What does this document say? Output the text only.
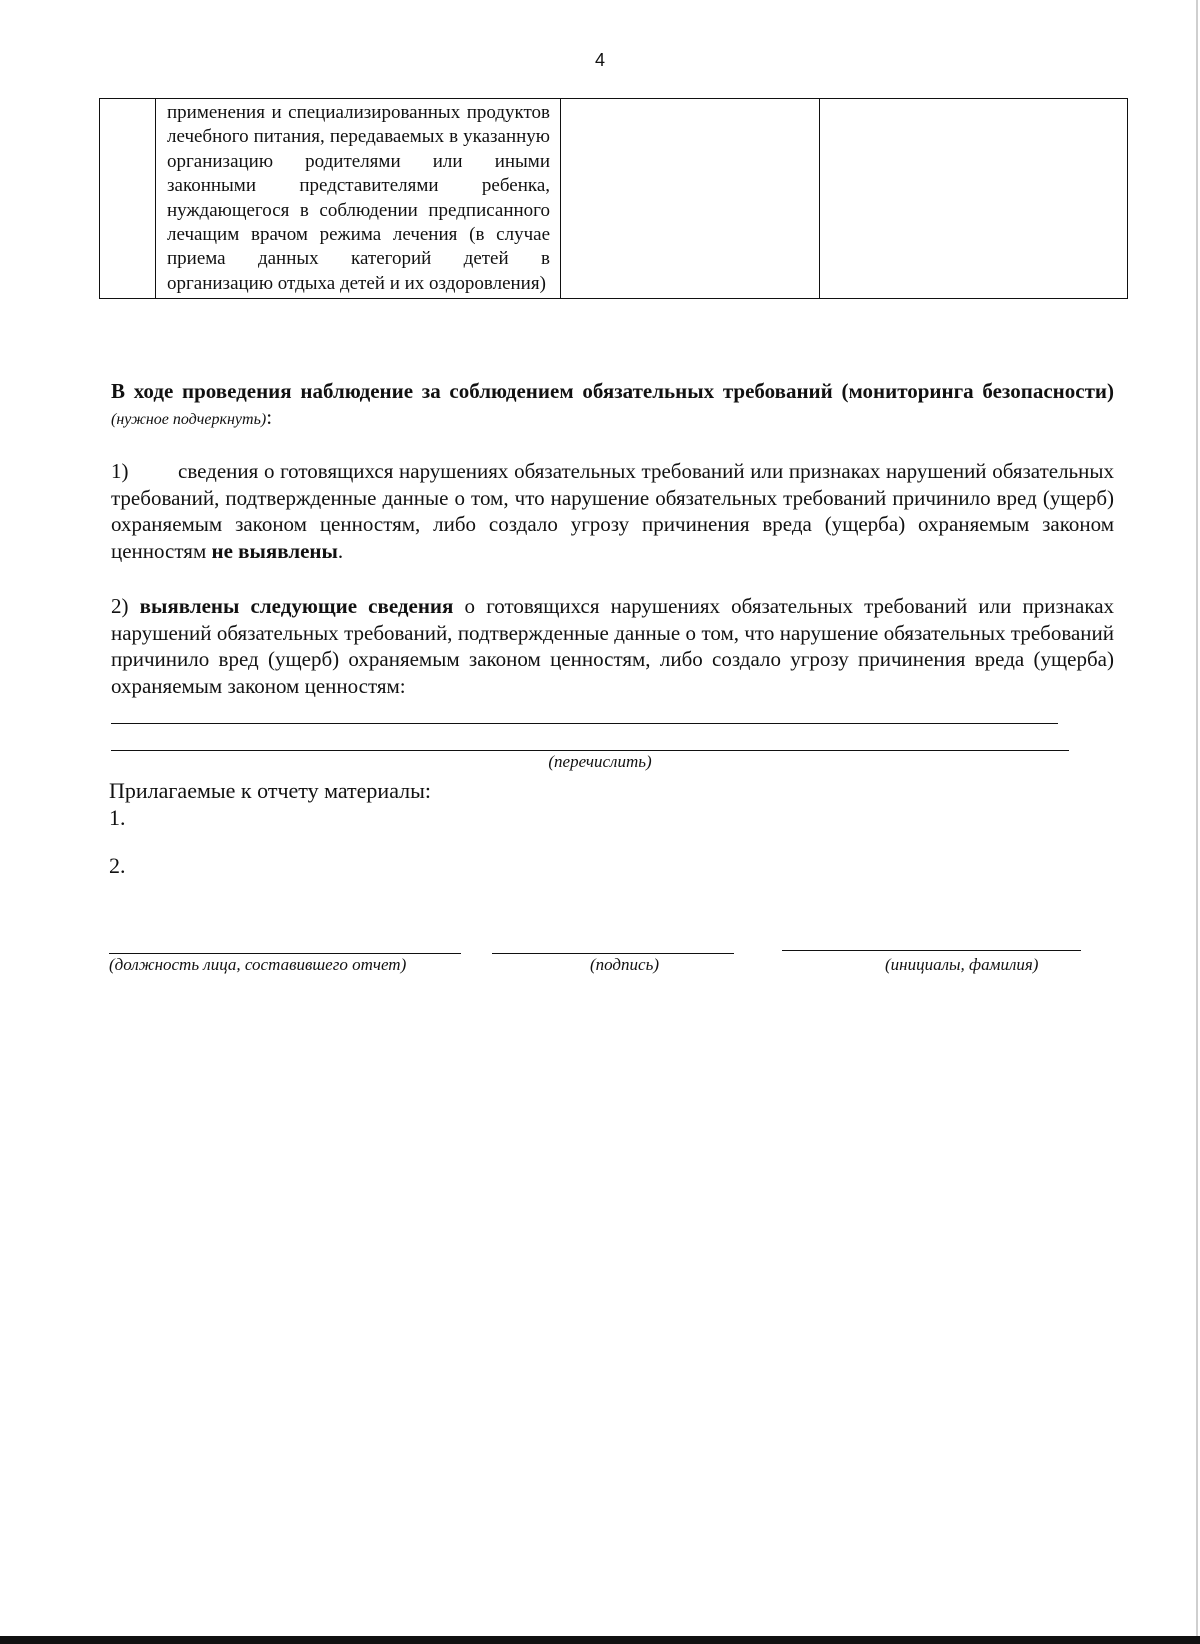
4

применения и специализированных продуктов лечебного питания, передаваемых в указанную организацию родителями или иными законными представителями ребенка, нуждающегося в соблюдении предписанного лечащим врачом режима лечения (в случае приема данных категорий детей в организацию отдыха детей и их оздоровления)

В ходе проведения наблюдение за соблюдением обязательных требований (мониторинга безопасности) (нужное подчеркнуть):

1) сведения о готовящихся нарушениях обязательных требований или признаках нарушений обязательных требований, подтвержденные данные о том, что нарушение обязательных требований причинило вред (ущерб) охраняемым законом ценностям, либо создало угрозу причинения вреда (ущерба) охраняемым законом ценностям не выявлены.

2) выявлены следующие сведения о готовящихся нарушениях обязательных требований или признаках нарушений обязательных требований, подтвержденные данные о том, что нарушение обязательных требований причинило вред (ущерб) охраняемым законом ценностям, либо создало угрозу причинения вреда (ущерба) охраняемым законом ценностям:

(перечислить)
Прилагаемые к отчету материалы:
1.
2.
(должность лица, составившего отчет)	(подпись)	(инициалы, фамилия)
